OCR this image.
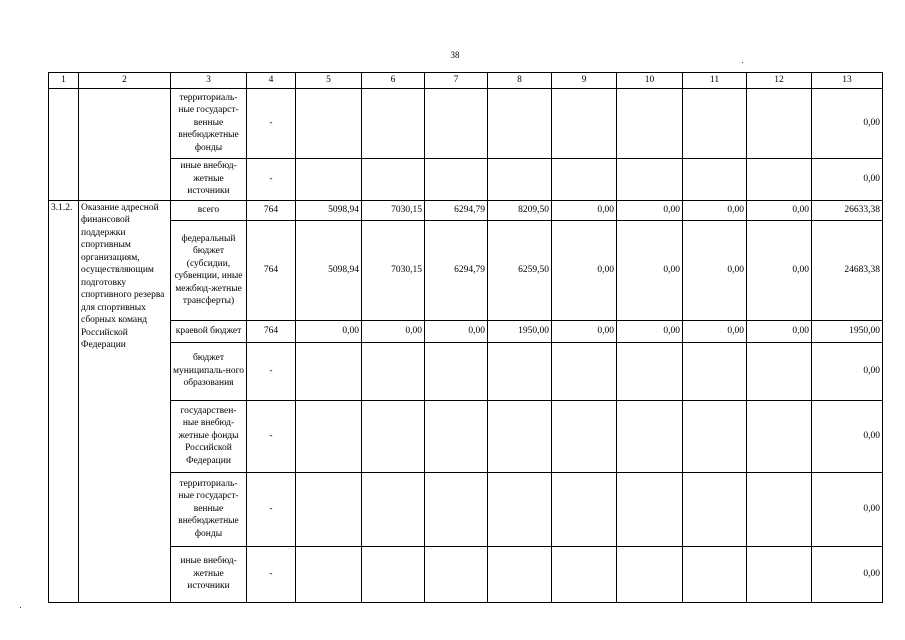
38
1	2	3	4	5	6	7	8	9	10	11	12	13
		территориаль-ные государст-венные внебюджетные фонды	-									0,00
		иные внебюд-жетные источники	-									0,00
3.1.2.	Оказание адресной финансовой поддержки спортивным организациям, осуществляющим подготовку спортивного резерва для спортивных сборных команд Российской Федерации	всего	764	5098,94	7030,15	6294,79	8209,50	0,00	0,00	0,00	0,00	26633,38
		федеральный бюджет (субсидии, субвенции, иные межбюд-жетные трансферты)	764	5098,94	7030,15	6294,79	6259,50	0,00	0,00	0,00	0,00	24683,38
		краевой бюджет	764	0,00	0,00	0,00	1950,00	0,00	0,00	0,00	0,00	1950,00
		бюджет муниципаль-ного образования	-									0,00
		государствен-ные внебюд-жетные фонды Российской Федерации	-									0,00
		территориаль-ные государст-венные внебюджетные фонды	-									0,00
		иные внебюд-жетные источники	-									0,00
